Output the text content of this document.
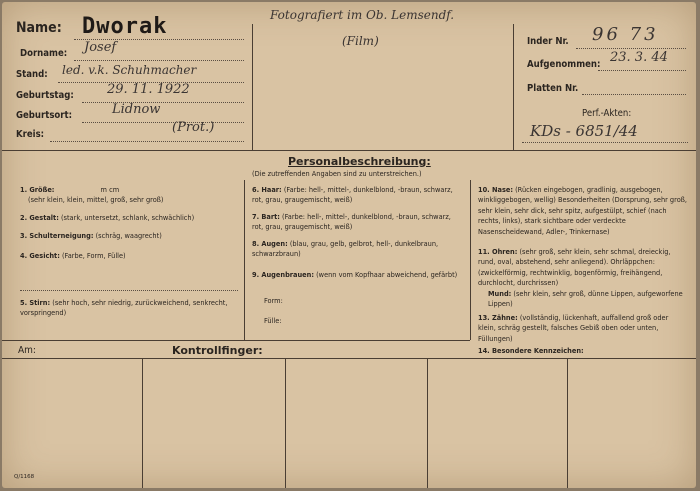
Name: Dworak
Dorname: Josef
Stand: led. v.k. Schuhmacher
Geburtstag:	29. 11. 1922
Geburtsort:	Lidnow
Kreis:	(Prot.)
Fotografiert im Ob. Lemsendf.
(Film)	Inder Nr. 96 73
Aufgenommen: 23. 3. 44
Platten Nr.
Perf.-Akten:
KDs - 6851/44
Personalbeschreibung:
(Die zutreffenden Angaben sind zu unterstreichen.)
1. Größe:	m cm
(sehr klein, klein, mittel, groß, sehr groß)
2. Gestalt: (stark, untersetzt, schlank, schwächlich)
3. Schulterneigung: (schräg, waagrecht)
4. Gesicht: (Farbe, Form, Fülle)
5. Stirn: (sehr hoch, sehr niedrig, zurückweichend, senkrecht, vorspringend)
6. Haar: (Farbe: hell-, mittel-, dunkelblond, -braun, schwarz, rot, grau, graugemischt, weiß)
7. Bart: (Farbe: hell-, mittel-, dunkelblond, -braun, schwarz, rot, grau, graugemischt, weiß)
8. Augen: (blau, grau, gelb, gelbrot, hell-, dunkelbraun, schwarzbraun)
9. Augenbrauen: (wenn vom Kopfhaar abweichend, gefärbt)
Form:
Fülle:
10. Nase: (Rücken eingebogen, gradlinig, ausgebogen, winkliggebogen, wellig) Besonderheiten (Dorsprung, sehr groß, sehr klein, sehr dick, sehr spitz, aufgestülpt, schief (nach rechts, links), stark sichtbare oder verdeckte Nasenscheidewand, Adler-, Trinkernase)
11. Ohren: (sehr groß, sehr klein, sehr schmal, dreieckig, rund, oval, abstehend, sehr anliegend). Ohrläppchen: (zwickelförmig, rechtwinklig, bogenförmig, freihängend, durchlocht, durchrissen)
Mund: (sehr klein, sehr groß, dünne Lippen, aufgeworfene Lippen)
13. Zähne: (vollständig, lückenhaft, auffallend groß oder klein, schräg gestellt, falsches Gebiß oben oder unten, Füllungen)
14. Besondere Kennzeichen:
Am:	Kontrollfinger:
Q/1168
